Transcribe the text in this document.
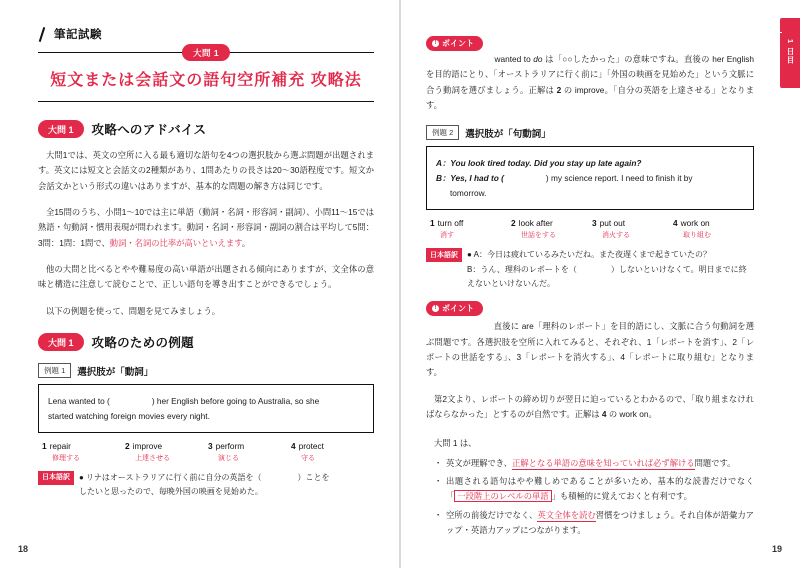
筆記試験
大問 1
短文または会話文の語句空所補充 攻略法
大問 1	攻略へのアドバイス

大問1では、英文の空所に入る最も適切な語句を4つの選択肢から選ぶ問題が出題されます。英文には短文と会話文の2種類があり、1問あたりの長さは20〜30語程度です。短文か会話文かという形式の違いはありますが、基本的な問題の解き方は同じです。

全15問のうち、小問1〜10では主に単語（動詞・名詞・形容詞・副詞）、小問11〜15では熟語・句動詞・慣用表現が問われます。動詞・名詞・形容詞・副詞の割合は平均して5問：3問：1問：1問で、動詞・名詞の比率が高いといえます。

他の大問と比べるとやや難易度の高い単語が出題される傾向にありますが、文全体の意味と構造に注意して読むことで、正しい語句を導き出すことができるでしょう。

以下の例題を使って、問題を見てみましょう。

大問 1	攻略のための例題
例題 1	選択肢が「動詞」
Lena wanted to (	) her English before going to Australia, so she
started watching foreign movies every night.
1 repair
修理する
2 improve
上達させる
3 perform
演じる
4 protect
守る
日本語訳	● リナはオーストラリアに行く前に自分の英語を（	）ことを
したいと思ったので、毎晩外国の映画を見始めた。
18
! ポイント

wanted to do は「○○したかった」の意味ですね。直後の her English を目的語にとり、「オーストラリアに行く前に」「外国の映画を見始めた」という文脈に合う動詞を選びましょう。正解は 2 の improve。「自分の英語を上達させる」となります。

例題 2	選択肢が「句動詞」
A：You look tired today. Did you stay up late again?
B：Yes, I had to (	) my science report. I need to finish it by
tomorrow.
1 turn off
消す
2 look after
世話をする
3 put out
消火する
4 work on
取り組む
日本語訳	● A：今日は疲れているみたいだね。また夜遅くまで起きていたの？
B：うん、理科のレポートを（	）しないといけなくて。明日までに終
えないといけないんだ。
! ポイント

直後に are「理科のレポート」を目的語にし、文脈に合う句動詞を選ぶ問題です。各選択肢を空所に入れてみると、それぞれ、1「レポートを消す」、2「レポートの世話をする」、3「レポートを消火する」、4「レポートに取り組む」となります。

第2文より、レポートの締め切りが翌日に迫っているとわかるので、「取り組まなければならなかった」とするのが自然です。正解は 4 の work on。

大問 1 は、

・ 英文が理解でき、正解となる単語の意味を知っていれば必ず解ける問題です。
・ 出題される語句はやや難しめであることが多いため、基本的な読書だけでなく「 一段階上のレベルの単語 」も積極的に覚えておくと有利です。
・ 空所の前後だけでなく、英文全体を読む習慣をつけましょう。それ自体が語彙力アップ・英語力アップにつながります。
1 日目
リーディング
19
